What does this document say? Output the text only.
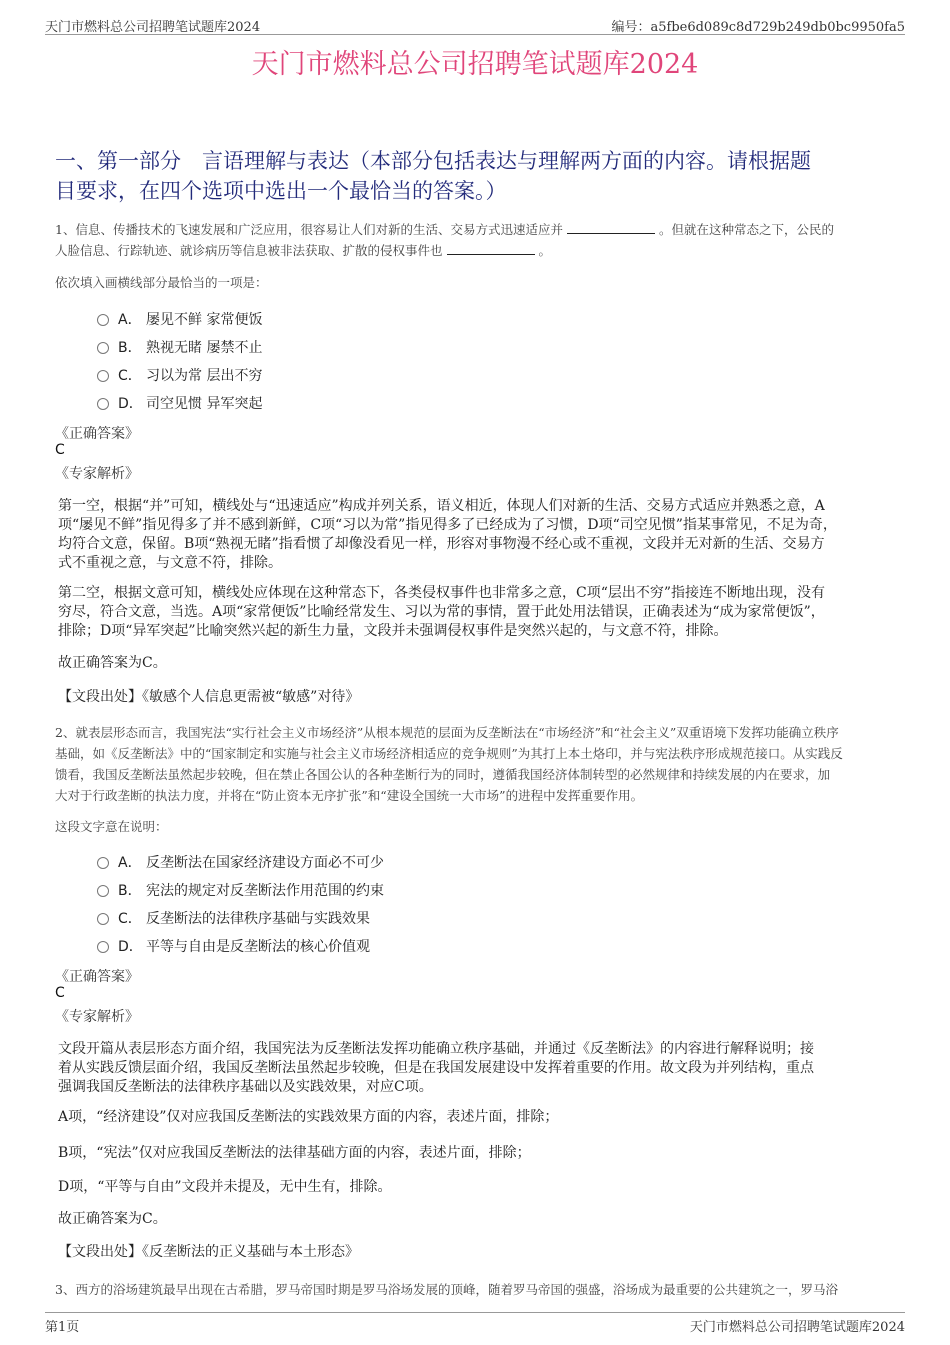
天门市燃料总公司招聘笔试题库2024	编号：a5fbe6d089c8d729b249db0bc9950fa5
天门市燃料总公司招聘笔试题库2024
一、第一部分　言语理解与表达（本部分包括表达与理解两方面的内容。请根据题
目要求，在四个选项中选出一个最恰当的答案。）
1、信息、传播技术的飞速发展和广泛应用，很容易让人们对新的生活、交易方式迅速适应并	。但就在这种常态之下，公民的
人脸信息、行踪轨迹、就诊病历等信息被非法获取、扩散的侵权事件也	。
依次填入画横线部分最恰当的一项是：
A． 屡见不鲜 家常便饭
B． 熟视无睹 屡禁不止
C． 习以为常 层出不穷
D． 司空见惯 异军突起
《正确答案》
C
《专家解析》
第一空，根据“并”可知，横线处与“迅速适应”构成并列关系，语义相近，体现人们对新的生活、交易方式适应并熟悉之意，A
项“屡见不鲜”指见得多了并不感到新鲜，C项“习以为常”指见得多了已经成为了习惯，D项“司空见惯”指某事常见，不足为奇，
均符合文意，保留。B项“熟视无睹”指看惯了却像没看见一样，形容对事物漫不经心或不重视，文段并无对新的生活、交易方
式不重视之意，与文意不符，排除。
第二空，根据文意可知，横线处应体现在这种常态下，各类侵权事件也非常多之意，C项“层出不穷”指接连不断地出现，没有
穷尽，符合文意，当选。A项“家常便饭”比喻经常发生、习以为常的事情，置于此处用法错误，正确表述为“成为家常便饭”，
排除；D项“异军突起”比喻突然兴起的新生力量，文段并未强调侵权事件是突然兴起的，与文意不符，排除。
故正确答案为C。
【文段出处】《敏感个人信息更需被“敏感”对待》
2、就表层形态而言，我国宪法“实行社会主义市场经济”从根本规范的层面为反垄断法在“市场经济”和“社会主义”双重语境下发挥功能确立秩序
基础，如《反垄断法》中的“国家制定和实施与社会主义市场经济相适应的竞争规则”为其打上本土烙印，并与宪法秩序形成规范接口。从实践反
馈看，我国反垄断法虽然起步较晚，但在禁止各国公认的各种垄断行为的同时，遵循我国经济体制转型的必然规律和持续发展的内在要求，加
大对于行政垄断的执法力度，并将在“防止资本无序扩张”和“建设全国统一大市场”的进程中发挥重要作用。
这段文字意在说明：
A． 反垄断法在国家经济建设方面必不可少
B． 宪法的规定对反垄断法作用范围的约束
C． 反垄断法的法律秩序基础与实践效果
D． 平等与自由是反垄断法的核心价值观
《正确答案》
C
《专家解析》
文段开篇从表层形态方面介绍，我国宪法为反垄断法发挥功能确立秩序基础，并通过《反垄断法》的内容进行解释说明；接
着从实践反馈层面介绍，我国反垄断法虽然起步较晚，但是在我国发展建设中发挥着重要的作用。故文段为并列结构，重点
强调我国反垄断法的法律秩序基础以及实践效果，对应C项。
A项，“经济建设”仅对应我国反垄断法的实践效果方面的内容，表述片面，排除；
B项，“宪法”仅对应我国反垄断法的法律基础方面的内容，表述片面，排除；
D项，“平等与自由”文段并未提及，无中生有，排除。
故正确答案为C。
【文段出处】《反垄断法的正义基础与本土形态》
3、西方的浴场建筑最早出现在古希腊，罗马帝国时期是罗马浴场发展的顶峰，随着罗马帝国的强盛，浴场成为最重要的公共建筑之一，罗马浴
第1页	天门市燃料总公司招聘笔试题库2024
